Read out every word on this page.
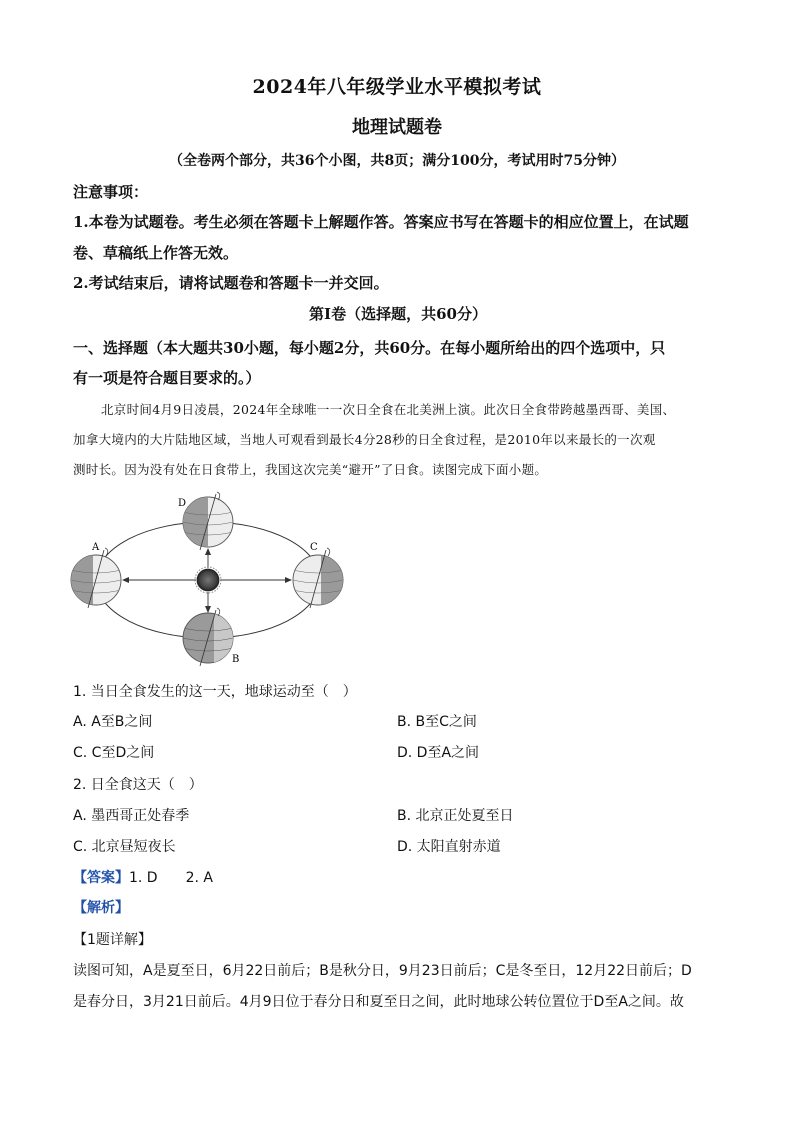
2024年八年级学业水平模拟考试
地理试题卷
（全卷两个部分，共36个小图，共8页；满分100分，考试用时75分钟）
注意事项：
1.本卷为试题卷。考生必须在答题卡上解题作答。答案应书写在答题卡的相应位置上，在试题
卷、草稿纸上作答无效。
2.考试结束后，请将试题卷和答题卡一并交回。
第Ⅰ卷（选择题，共60分）
一、选择题（本大题共30小题，每小题2分，共60分。在每小题所给出的四个选项中，只
有一项是符合题目要求的。）
北京时间4月9日凌晨，2024年全球唯一一次日全食在北美洲上演。此次日全食带跨越墨西哥、美国、
加拿大境内的大片陆地区域，当地人可观看到最长4分28秒的日全食过程，是2010年以来最长的一次观
测时长。因为没有处在日食带上，我国这次完美“避开”了日食。读图完成下面小题。
D
A	C
B
1. 当日全食发生的这一天，地球运动至（　）
A. A至B之间	B. B至C之间
C. C至D之间	D. D至A之间
2. 日全食这天（　）
A. 墨西哥正处春季	B. 北京正处夏至日
C. 北京昼短夜长	D. 太阳直射赤道
【答案】1. D　　2. A
【解析】
【1题详解】
读图可知，A是夏至日，6月22日前后；B是秋分日，9月23日前后；C是冬至日，12月22日前后；D
是春分日，3月21日前后。4月9日位于春分日和夏至日之间，此时地球公转位置位于D至A之间。故
